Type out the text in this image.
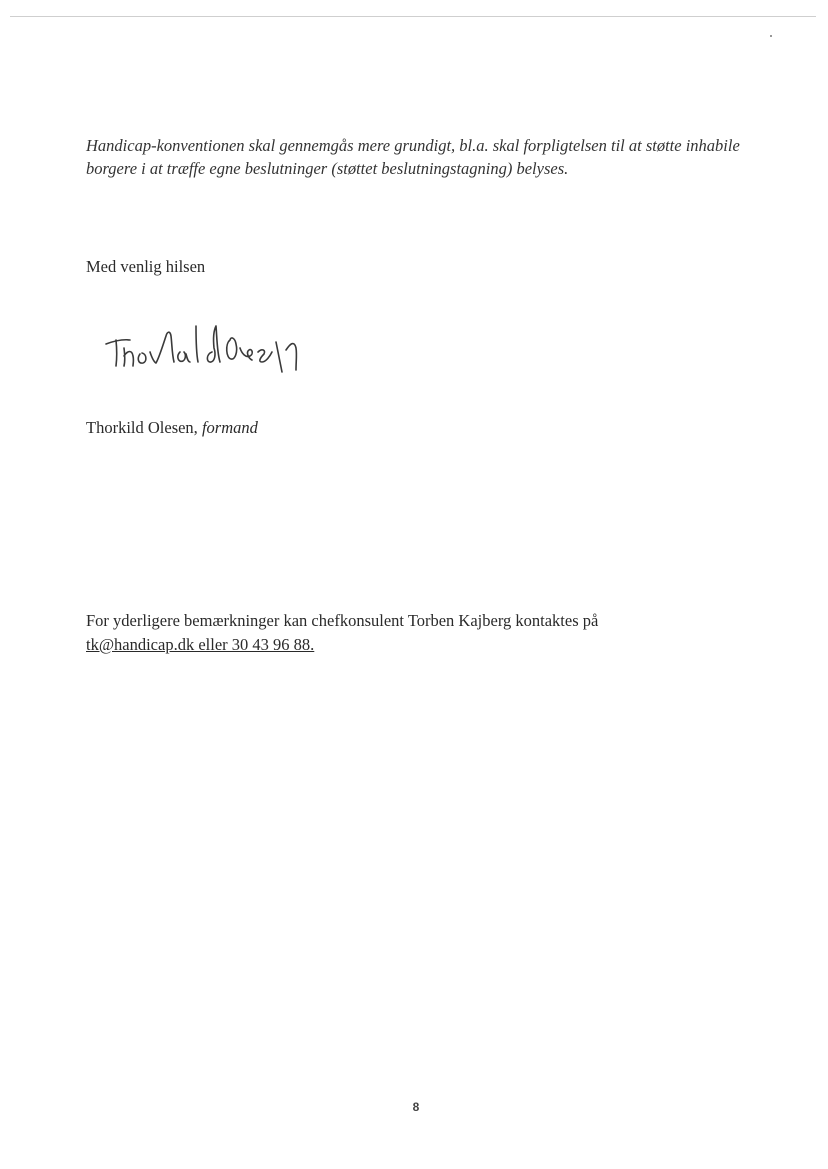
Handicap-konventionen skal gennemgås mere grundigt, bl.a. skal forpligtelsen til at støtte inhabile borgere i at træffe egne beslutninger (støttet beslutningstagning) belyses.

Med venlig hilsen

Thorkild Olesen, formand

For yderligere bemærkninger kan chefkonsulent Torben Kajberg kontaktes på
tk@handicap.dk eller 30 43 96 88.

8
